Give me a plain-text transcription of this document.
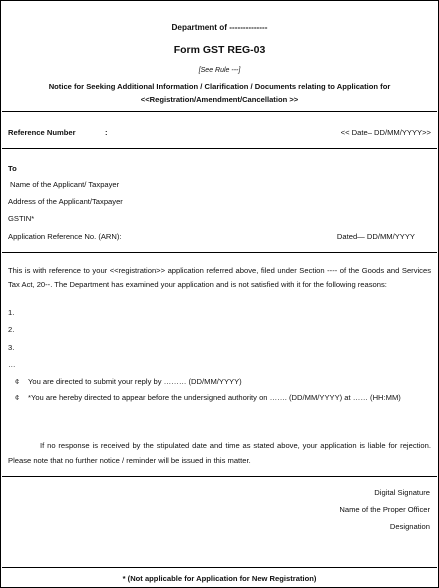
Department of --------------
Form GST REG-03
[See Rule ---]
Notice for Seeking Additional Information / Clarification / Documents relating to Application for
<<Registration/Amendment/Cancellation >>
Reference Number	:	<< Date– DD/MM/YYYY>>
To
Name of the Applicant/ Taxpayer
Address of the Applicant/Taxpayer
GSTIN*
Application Reference No. (ARN):	Dated— DD/MM/YYYY
This is with reference to your <<registration>> application referred above, filed under Section ---- of the Goods and Services Tax Act, 20--. The Department has examined your application and is not satisfied with it for the following reasons:
1.
2.
3.
…
¢ You are directed to submit your reply by ……… (DD/MM/YYYY)
¢ *You are hereby directed to appear before the undersigned authority on ……. (DD/MM/YYYY) at …… (HH:MM)
If no response is received by the stipulated date and time as stated above, your application is liable for rejection. Please note that no further notice / reminder will be issued in this matter.
Digital Signature
Name of the Proper Officer
Designation
* (Not applicable for Application for New Registration)
